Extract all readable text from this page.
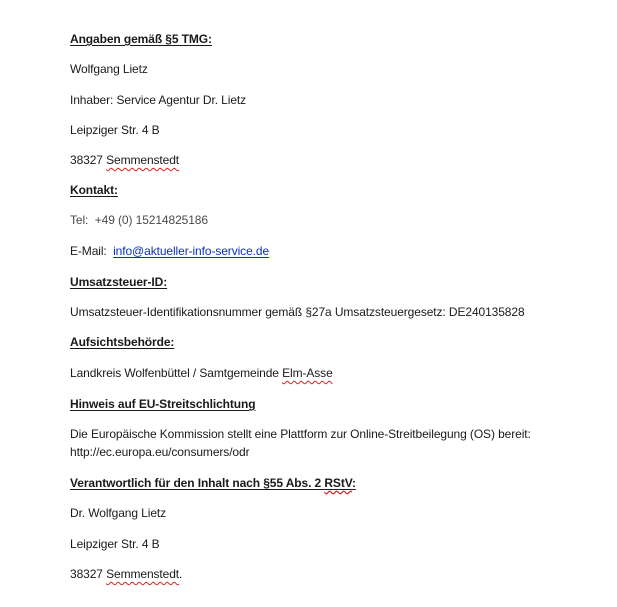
Angaben gemäß §5 TMG:
Wolfgang Lietz
Inhaber: Service Agentur Dr. Lietz
Leipziger Str. 4 B
38327 Semmenstedt
Kontakt:
Tel: +49 (0) 15214825186
E-Mail: info@aktueller-info-service.de
Umsatzsteuer-ID:
Umsatzsteuer-Identifikationsnummer gemäß §27a Umsatzsteuergesetz: DE240135828
Aufsichtsbehörde:
Landkreis Wolfenbüttel / Samtgemeinde Elm-Asse
Hinweis auf EU-Streitschlichtung
Die Europäische Kommission stellt eine Plattform zur Online-Streitbeilegung (OS) bereit:
http://ec.europa.eu/consumers/odr
Verantwortlich für den Inhalt nach §55 Abs. 2 RStV:
Dr. Wolfgang Lietz
Leipziger Str. 4 B
38327 Semmenstedt.
